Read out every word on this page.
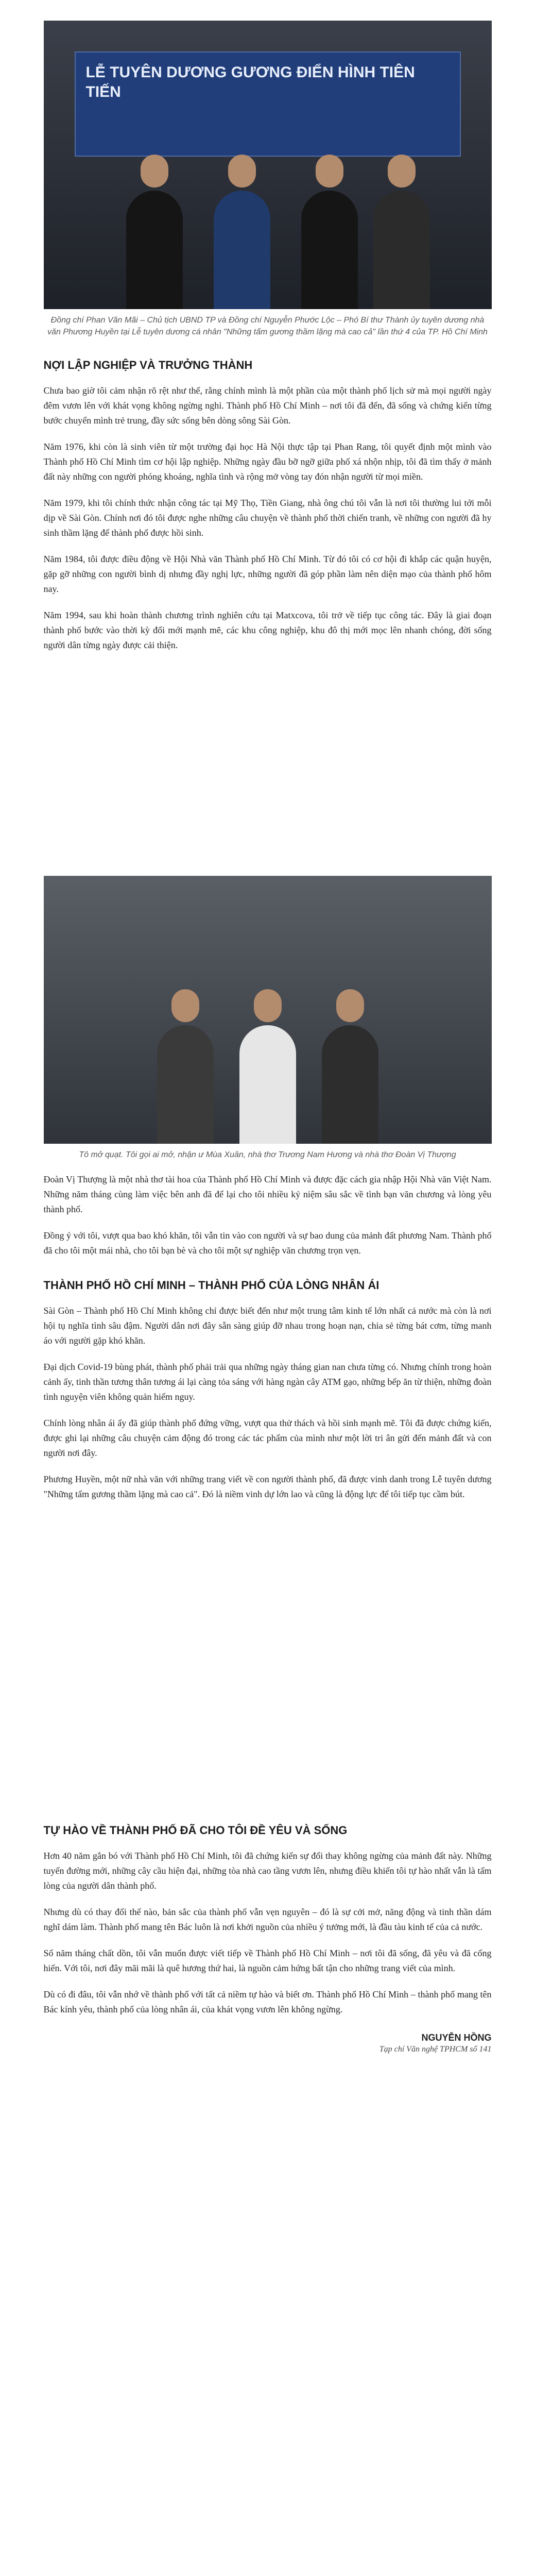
LỄ TUYÊN DƯƠNG GƯƠNG ĐIỂN HÌNH TIÊN TIẾN
Đồng chí Phan Văn Mãi – Chủ tịch UBND TP và Đồng chí Nguyễn Phước Lộc – Phó Bí thư Thành ủy tuyên dương nhà văn Phương Huyền tại Lễ tuyên dương cá nhân "Những tấm gương thầm lặng mà cao cả" lần thứ 4 của TP. Hồ Chí Minh
NỢI LẬP NGHIỆP VÀ TRƯỞNG THÀNH
Chưa bao giờ tôi cảm nhận rõ rệt như thế, rằng chính mình là một phần của một thành phố lịch sử mà mọi người ngày đêm vươn lên với khát vọng không ngừng nghỉ. Thành phố Hồ Chí Minh – nơi tôi đã đến, đã sống và chứng kiến từng bước chuyển mình trẻ trung, đầy sức sống bên dòng sông Sài Gòn.
Năm 1976, khi còn là sinh viên từ một trường đại học Hà Nội thực tập tại Phan Rang, tôi quyết định một mình vào Thành phố Hồ Chí Minh tìm cơ hội lập nghiệp. Những ngày đầu bỡ ngỡ giữa phố xá nhộn nhịp, tôi đã tìm thấy ở mảnh đất này những con người phóng khoáng, nghĩa tình và rộng mở vòng tay đón nhận người từ mọi miền.
Năm 1979, khi tôi chính thức nhận công tác tại Mỹ Thọ, Tiền Giang, nhà ông chú tôi vẫn là nơi tôi thường lui tới mỗi dịp về Sài Gòn. Chính nơi đó tôi được nghe những câu chuyện về thành phố thời chiến tranh, về những con người đã hy sinh thầm lặng để thành phố được hồi sinh.
Năm 1984, tôi được điều động về Hội Nhà văn Thành phố Hồ Chí Minh. Từ đó tôi có cơ hội đi khắp các quận huyện, gặp gỡ những con người bình dị nhưng đầy nghị lực, những người đã góp phần làm nên diện mạo của thành phố hôm nay.
Năm 1994, sau khi hoàn thành chương trình nghiên cứu tại Matxcova, tôi trở về tiếp tục công tác. Đây là giai đoạn thành phố bước vào thời kỳ đổi mới mạnh mẽ, các khu công nghiệp, khu đô thị mới mọc lên nhanh chóng, đời sống người dân từng ngày được cải thiện.
Tô mở quạt. Tôi gọi ai mở, nhận ư Mùa Xuân, nhà thơ Trương Nam Hương và nhà thơ Đoàn Vị Thượng
Đoàn Vị Thượng là một nhà thơ tài hoa của Thành phố Hồ Chí Minh và được đặc cách gia nhập Hội Nhà văn Việt Nam. Những năm tháng cùng làm việc bên anh đã để lại cho tôi nhiều kỷ niệm sâu sắc về tình bạn văn chương và lòng yêu thành phố.
Đồng ý với tôi, vượt qua bao khó khăn, tôi vẫn tin vào con người và sự bao dung của mảnh đất phương Nam. Thành phố đã cho tôi một mái nhà, cho tôi bạn bè và cho tôi một sự nghiệp văn chương trọn vẹn.
THÀNH PHỐ HỒ CHÍ MINH – THÀNH PHỐ CỦA LÒNG NHÂN ÁI
Sài Gòn – Thành phố Hồ Chí Minh không chỉ được biết đến như một trung tâm kinh tế lớn nhất cả nước mà còn là nơi hội tụ nghĩa tình sâu đậm. Người dân nơi đây sẵn sàng giúp đỡ nhau trong hoạn nạn, chia sẻ từng bát cơm, từng manh áo với người gặp khó khăn.
Đại dịch Covid-19 bùng phát, thành phố phải trải qua những ngày tháng gian nan chưa từng có. Nhưng chính trong hoàn cảnh ấy, tinh thần tương thân tương ái lại càng tỏa sáng với hàng ngàn cây ATM gạo, những bếp ăn từ thiện, những đoàn tình nguyện viên không quản hiểm nguy.
Chính lòng nhân ái ấy đã giúp thành phố đứng vững, vượt qua thử thách và hồi sinh mạnh mẽ. Tôi đã được chứng kiến, được ghi lại những câu chuyện cảm động đó trong các tác phẩm của mình như một lời tri ân gửi đến mảnh đất và con người nơi đây.
Phương Huyền, một nữ nhà văn với những trang viết về con người thành phố, đã được vinh danh trong Lễ tuyên dương "Những tấm gương thầm lặng mà cao cả". Đó là niềm vinh dự lớn lao và cũng là động lực để tôi tiếp tục cầm bút.
TỰ HÀO VỀ THÀNH PHỐ ĐÃ CHO TÔI ĐỀ YÊU VÀ SỐNG
Hơn 40 năm gắn bó với Thành phố Hồ Chí Minh, tôi đã chứng kiến sự đổi thay không ngừng của mảnh đất này. Những tuyến đường mới, những cây cầu hiện đại, những tòa nhà cao tầng vươn lên, nhưng điều khiến tôi tự hào nhất vẫn là tấm lòng của người dân thành phố.
Nhưng dù có thay đổi thế nào, bản sắc của thành phố vẫn vẹn nguyên – đó là sự cởi mở, năng động và tinh thần dám nghĩ dám làm. Thành phố mang tên Bác luôn là nơi khởi nguồn của nhiều ý tưởng mới, là đầu tàu kinh tế của cả nước.
Số năm tháng chất dồn, tôi vẫn muốn được viết tiếp về Thành phố Hồ Chí Minh – nơi tôi đã sống, đã yêu và đã cống hiến. Với tôi, nơi đây mãi mãi là quê hương thứ hai, là nguồn cảm hứng bất tận cho những trang viết của mình.
Dù có đi đâu, tôi vẫn nhớ về thành phố với tất cả niềm tự hào và biết ơn. Thành phố Hồ Chí Minh – thành phố mang tên Bác kính yêu, thành phố của lòng nhân ái, của khát vọng vươn lên không ngừng.
NGUYỄN HỒNG
Tạp chí Văn nghệ TPHCM số 141
